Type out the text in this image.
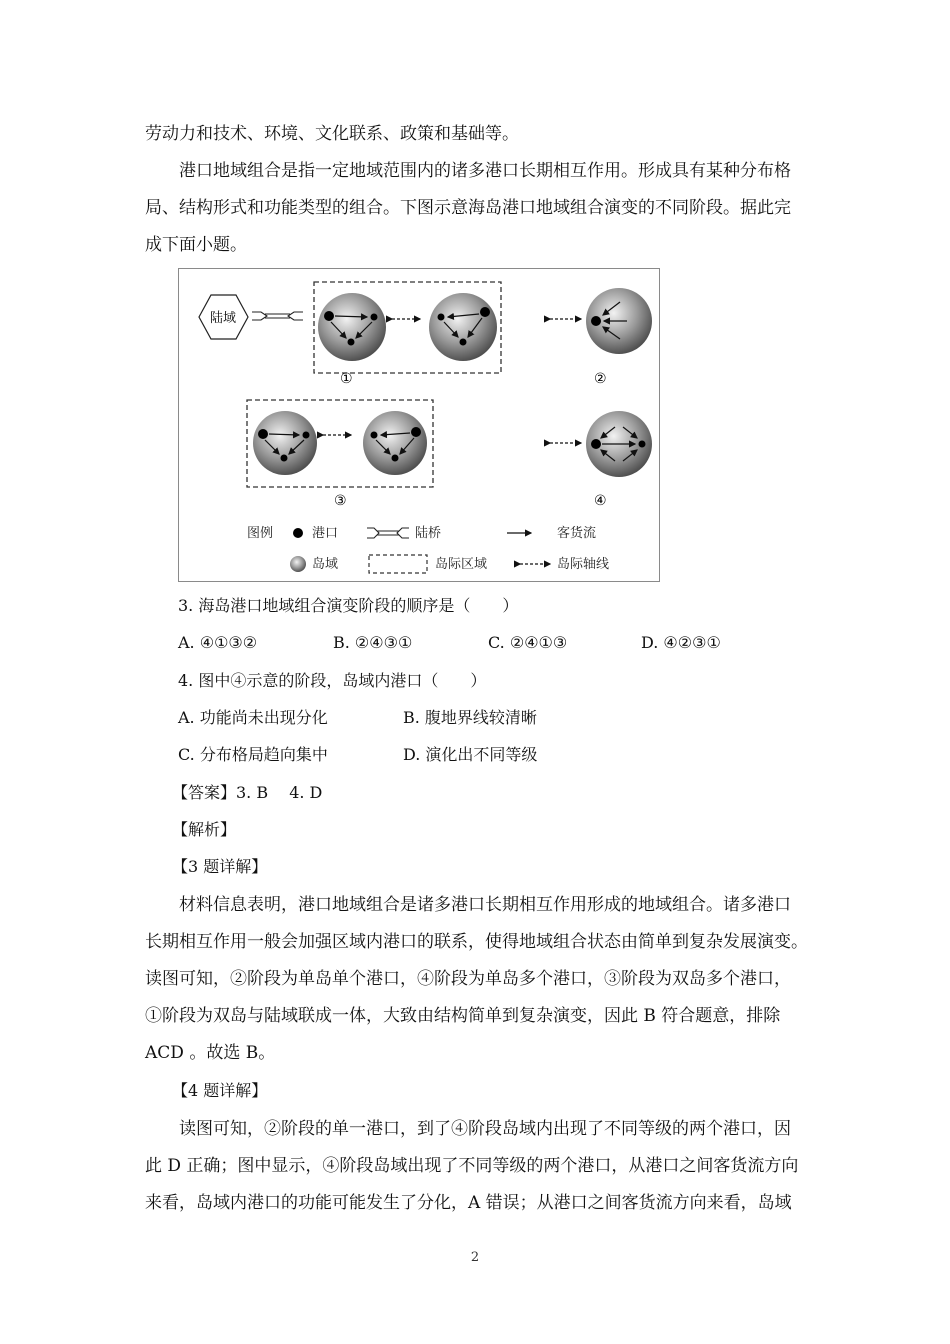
劳动力和技术、环境、文化联系、政策和基础等。
港口地域组合是指一定地域范围内的诸多港口长期相互作用。形成具有某种分布格
局、结构形式和功能类型的组合。下图示意海岛港口地域组合演变的不同阶段。据此完
成下面小题。
陆域
①	②
③	④
图例	港口	陆桥	客货流
岛域	岛际区域	岛际轴线
3. 海岛港口地域组合演变阶段的顺序是（　　）
A. ④①③②	B. ②④③①	C. ②④①③	D. ④②③①
4. 图中④示意的阶段，岛域内港口（　　）
A. 功能尚未出现分化	B. 腹地界线较清晰
C. 分布格局趋向集中	D. 演化出不同等级
【答案】3. B　 4. D
【解析】
【3 题详解】
材料信息表明，港口地域组合是诸多港口长期相互作用形成的地域组合。诸多港口
长期相互作用一般会加强区域内港口的联系，使得地域组合状态由简单到复杂发展演变。
读图可知，②阶段为单岛单个港口，④阶段为单岛多个港口，③阶段为双岛多个港口，
①阶段为双岛与陆域联成一体，大致由结构简单到复杂演变，因此 B 符合题意，排除
ACD 。故选 B。
【4 题详解】
读图可知，②阶段的单一港口，到了④阶段岛域内出现了不同等级的两个港口，因
此 D 正确；图中显示，④阶段岛域出现了不同等级的两个港口，从港口之间客货流方向
来看，岛域内港口的功能可能发生了分化，A 错误；从港口之间客货流方向来看，岛域
2
